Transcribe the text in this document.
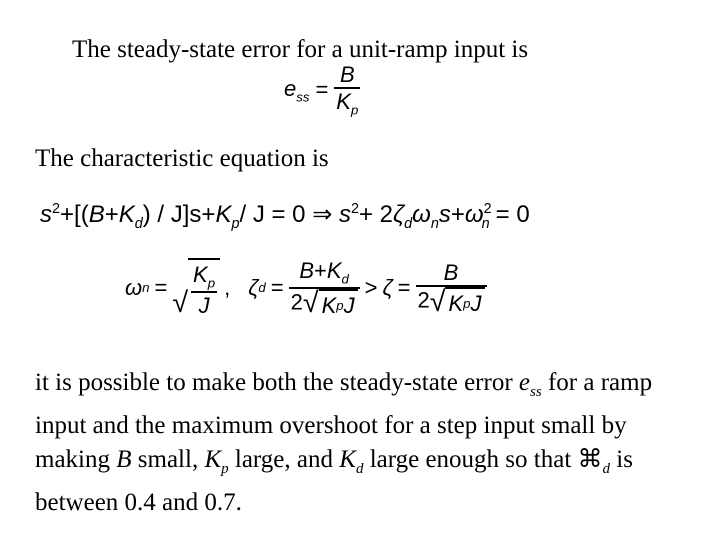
The steady-state error for a unit-ramp input is
$e_{ss} = \frac{B}{K_p}$
The characteristic equation is
$s^2+[(B+K_d) / J]s+K_p/$ J = 0 ⇒ $s^2+ 2\zeta_d\omega_ns+\omega^2_n = 0$
ω n = √ $\frac{K_p}{J}$ , ζ $d = \frac{B+K_d}{\text{2 √ K p J}} > \zeta = \frac{B}{\text{2 √ K p J}}$
it is possible to make both the steady-state error $e_{ss}$ for a ramp input and the maximum overshoot for a step input small by making B small, $K_p$ large, and $K_d$ large enough so that $⌘_d$ is between 0.4 and 0.7.
